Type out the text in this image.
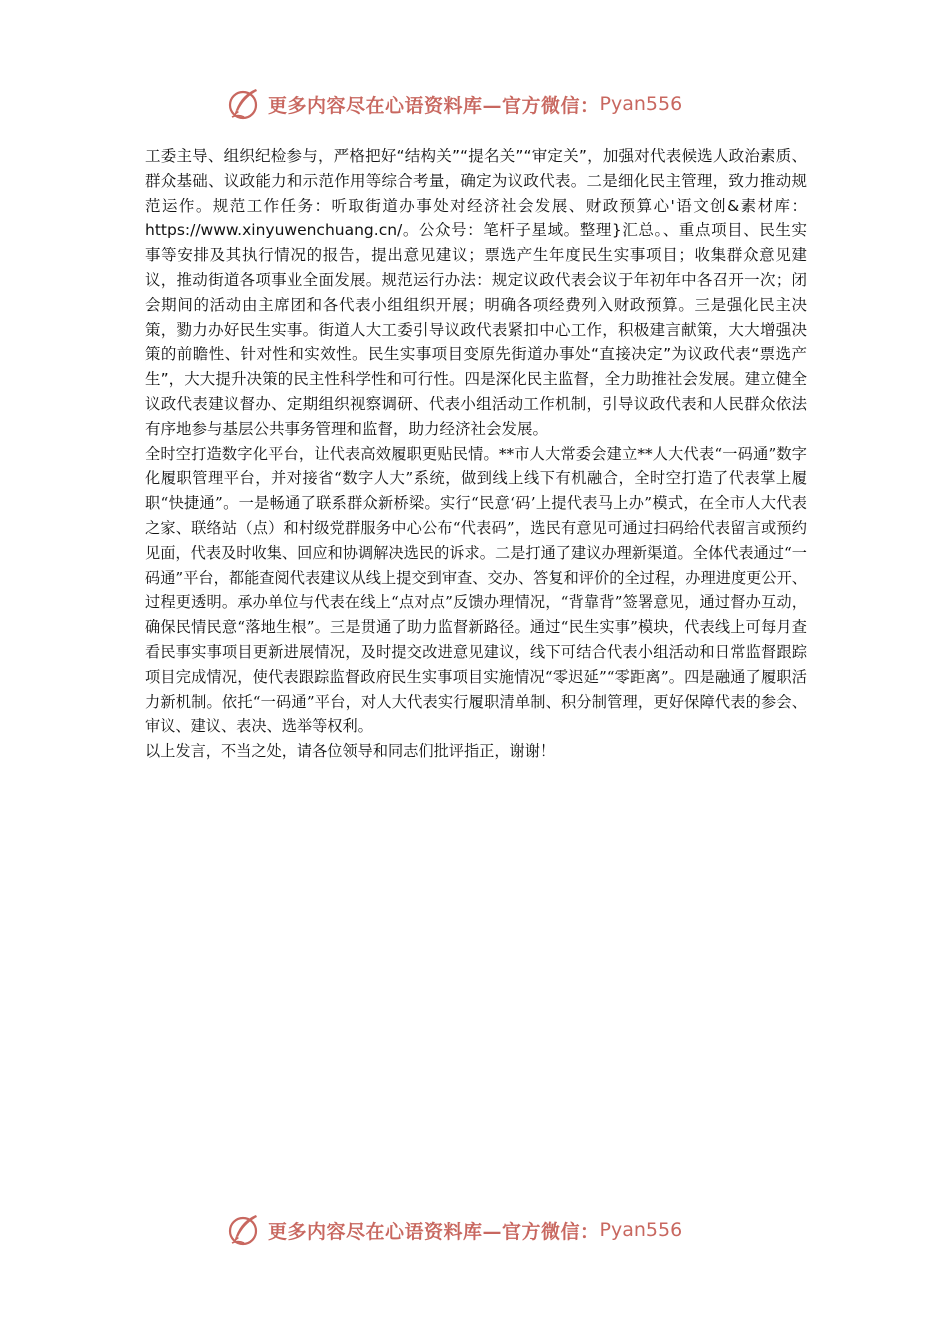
更多内容尽在心语资料库—官方微信： Pyan556

工委主导、组织纪检参与，严格把好“结构关”“提名关”“审定关”，加强对代表候选人政治素质、群众基础、议政能力和示范作用等综合考量，确定为议政代表。二是细化民主管理，致力推动规范运作。规范工作任务：听取街道办事处对经济社会发展、财政预算心'语文创&素材库：https://www.xinyuwenchuang.cn/。公众号：笔杆子星域。整理}汇总。、重点项目、民生实事等安排及其执行情况的报告，提出意见建议；票选产生年度民生实事项目；收集群众意见建议，推动街道各项事业全面发展。规范运行办法：规定议政代表会议于年初年中各召开一次；闭会期间的活动由主席团和各代表小组组织开展；明确各项经费列入财政预算。三是强化民主决策，勠力办好民生实事。街道人大工委引导议政代表紧扣中心工作，积极建言献策，大大增强决策的前瞻性、针对性和实效性。民生实事项目变原先街道办事处“直接决定”为议政代表“票选产生”，大大提升决策的民主性科学性和可行性。四是深化民主监督，全力助推社会发展。建立健全议政代表建议督办、定期组织视察调研、代表小组活动工作机制，引导议政代表和人民群众依法有序地参与基层公共事务管理和监督，助力经济社会发展。

全时空打造数字化平台，让代表高效履职更贴民情。**市人大常委会建立**人大代表“一码通”数字化履职管理平台，并对接省“数字人大”系统，做到线上线下有机融合，全时空打造了代表掌上履职“快捷通”。一是畅通了联系群众新桥梁。实行“民意‘码’上提代表马上办”模式，在全市人大代表之家、联络站（点）和村级党群服务中心公布“代表码”，选民有意见可通过扫码给代表留言或预约见面，代表及时收集、回应和协调解决选民的诉求。二是打通了建议办理新渠道。全体代表通过“一码通”平台，都能查阅代表建议从线上提交到审查、交办、答复和评价的全过程，办理进度更公开、过程更透明。承办单位与代表在线上“点对点”反馈办理情况，“背靠背”签署意见，通过督办互动，确保民情民意“落地生根”。三是贯通了助力监督新路径。通过“民生实事”模块，代表线上可每月查看民事实事项目更新进展情况，及时提交改进意见建议，线下可结合代表小组活动和日常监督跟踪项目完成情况，使代表跟踪监督政府民生实事项目实施情况“零迟延”“零距离”。四是融通了履职活力新机制。依托“一码通”平台，对人大代表实行履职清单制、积分制管理，更好保障代表的参会、审议、建议、表决、选举等权利。

以上发言，不当之处，请各位领导和同志们批评指正，谢谢！

更多内容尽在心语资料库—官方微信： Pyan556
